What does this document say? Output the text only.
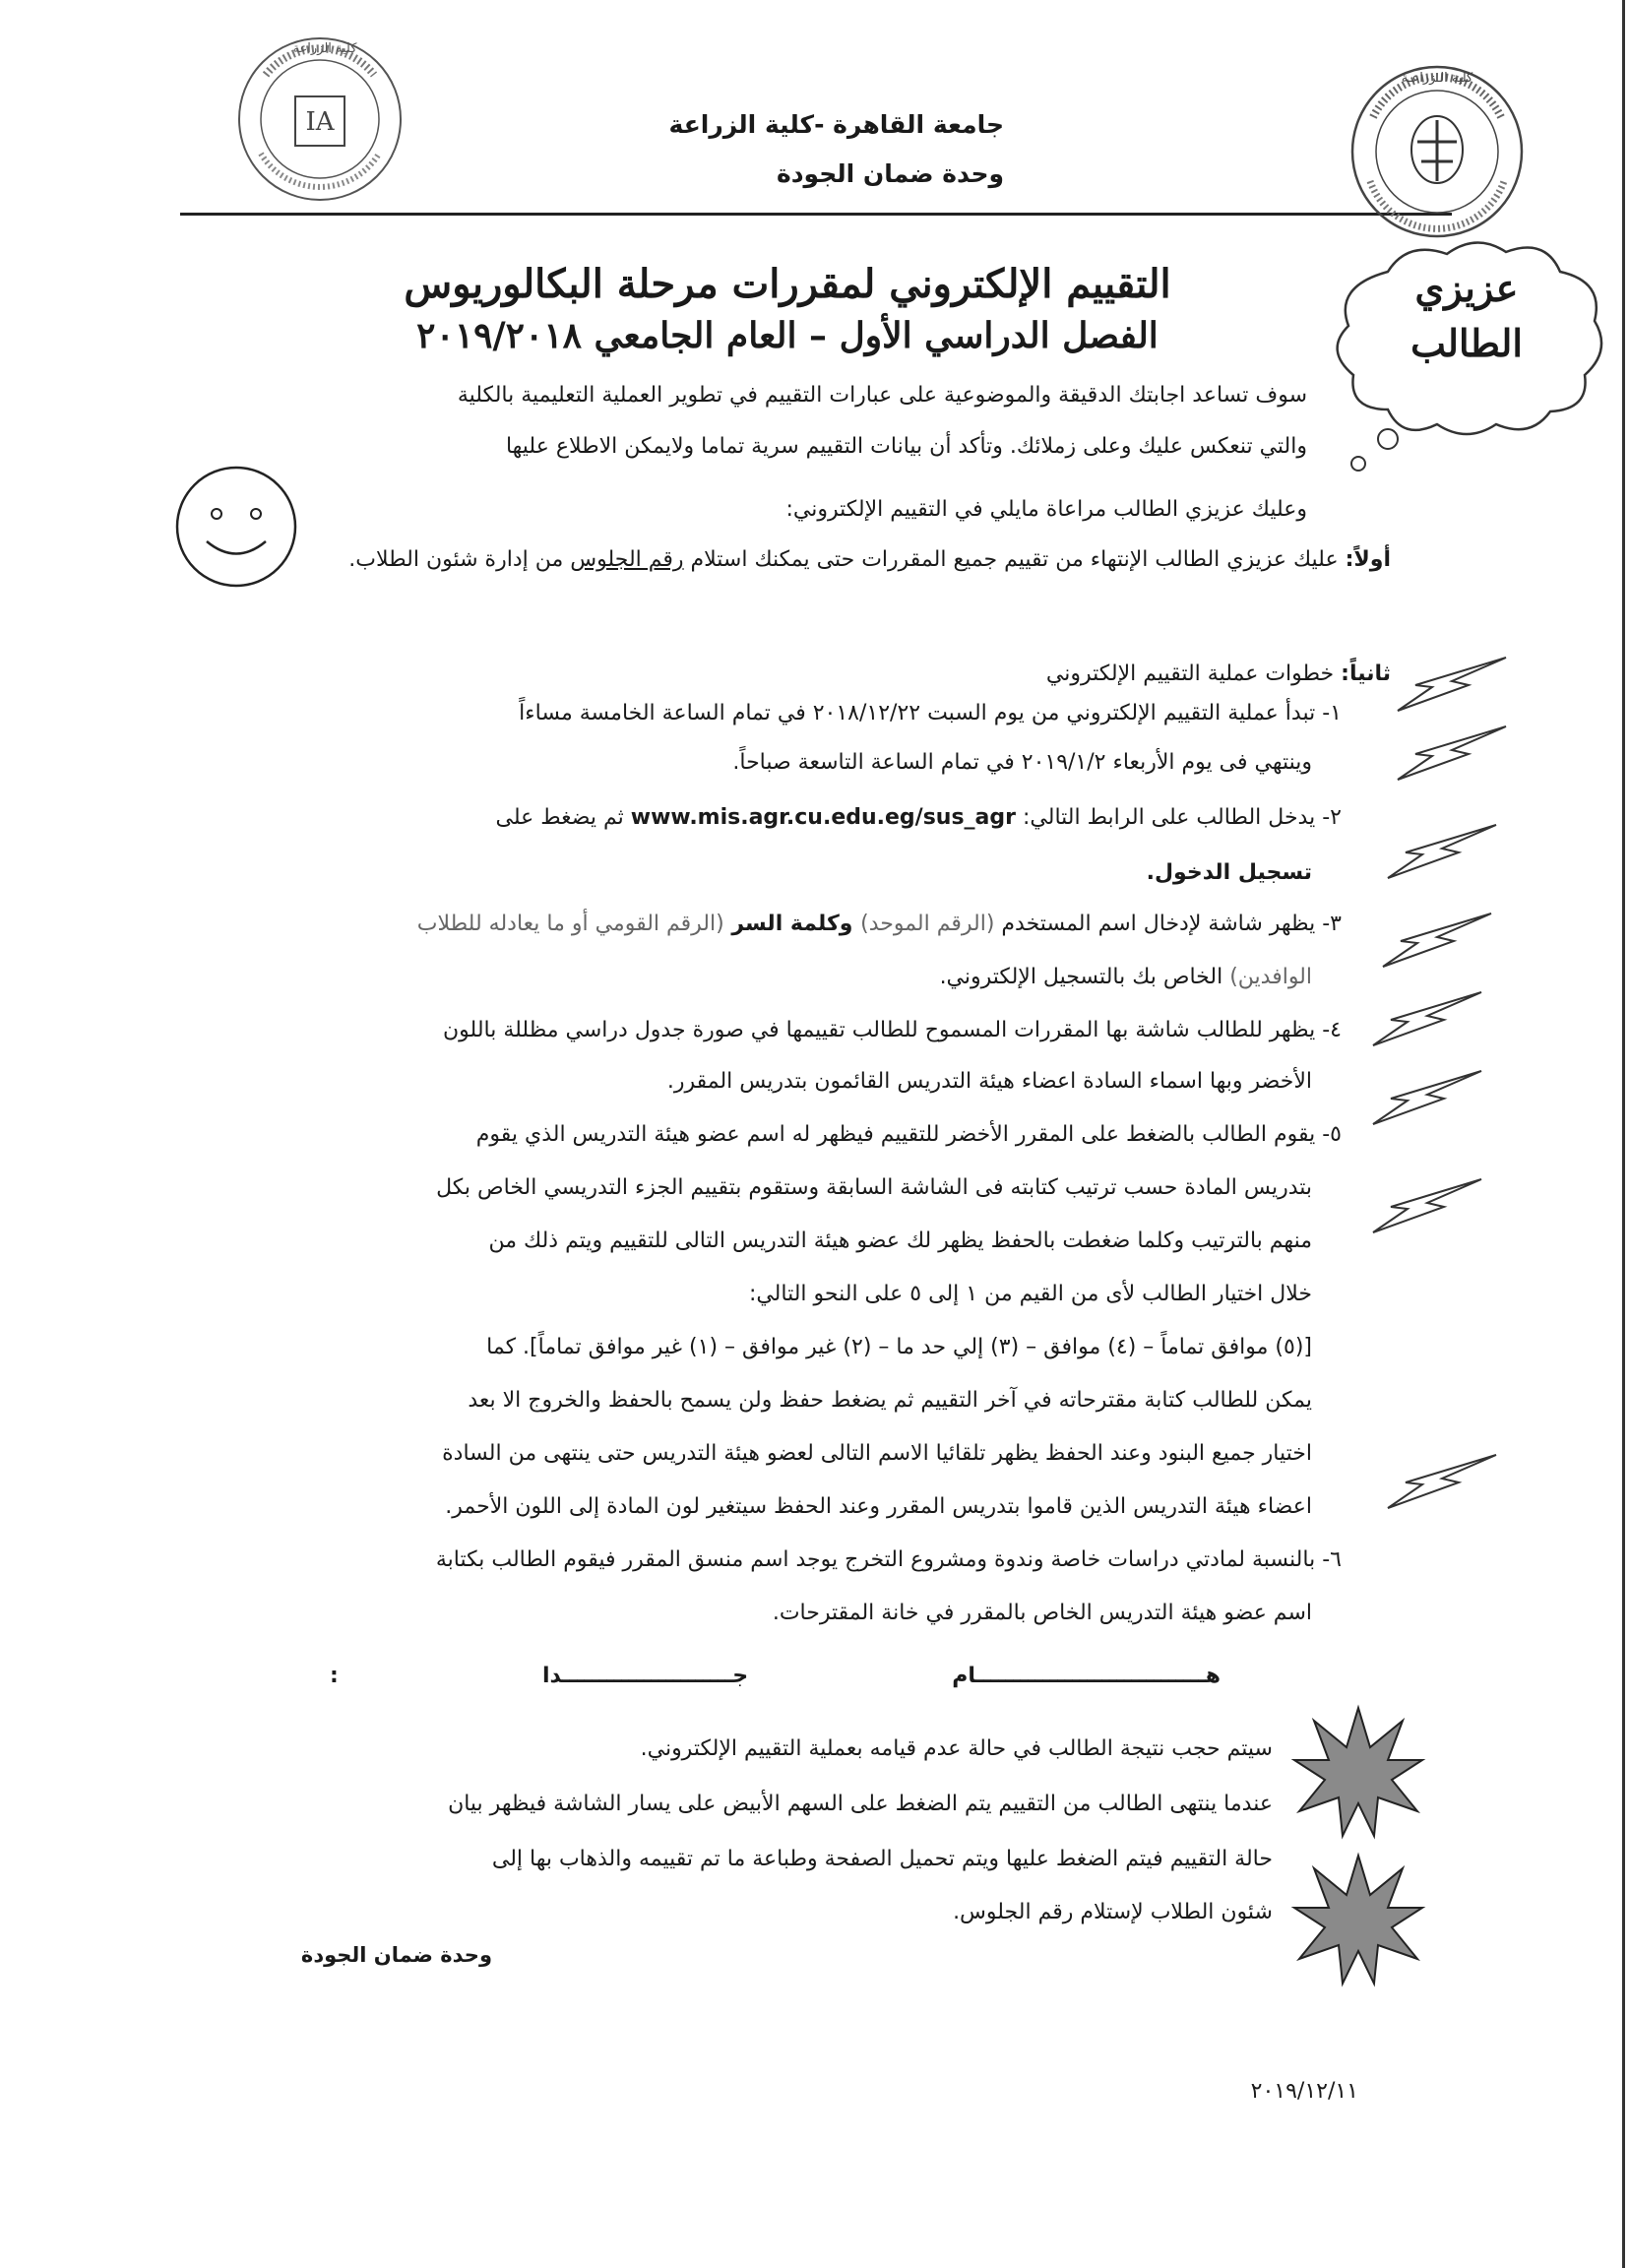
IA
كلية الزراعة
كلية الـزراعـة
جامعة القاهرة -كلية الزراعة
وحدة ضمان الجودة
عزيزي
الطالب
التقييم الإلكتروني لمقررات مرحلة البكالوريوس
الفصل الدراسي الأول – العام الجامعي ٢٠١٩/٢٠١٨
سوف تساعد اجابتك الدقيقة والموضوعية على عبارات التقييم في تطوير العملية التعليمية بالكلية
والتي تنعكس عليك وعلى زملائك. وتأكد أن بيانات التقييم سرية تماما ولايمكن الاطلاع عليها
وعليك عزيزي الطالب مراعاة مايلي في التقييم الإلكتروني:
أولاً: عليك عزيزي الطالب الإنتهاء من تقييم جميع المقررات حتى يمكنك استلام رقم الجلوس من إدارة شئون الطلاب.
ثانياً: خطوات عملية التقييم الإلكتروني
١- تبدأ عملية التقييم الإلكتروني من يوم السبت ٢٠١٨/١٢/٢٢ في تمام الساعة الخامسة مساءاً
وينتهي فى يوم الأربعاء ٢٠١٩/١/٢ في تمام الساعة التاسعة صباحاً.
٢- يدخل الطالب على الرابط التالي: www.mis.agr.cu.edu.eg/sus_agr ثم يضغط على
تسجيل الدخول.
٣- يظهر شاشة لإدخال اسم المستخدم (الرقم الموحد) وكلمة السر (الرقم القومي أو ما يعادله للطلاب
الوافدين) الخاص بك بالتسجيل الإلكتروني.
٤- يظهر للطالب شاشة بها المقررات المسموح للطالب تقييمها في صورة جدول دراسي مظللة باللون
الأخضر وبها اسماء السادة اعضاء هيئة التدريس القائمون بتدريس المقرر.
٥- يقوم الطالب بالضغط على المقرر الأخضر للتقييم فيظهر له اسم عضو هيئة التدريس الذي يقوم
بتدريس المادة حسب ترتيب كتابته فى الشاشة السابقة وستقوم بتقييم الجزء التدريسي الخاص بكل
منهم بالترتيب وكلما ضغطت بالحفظ يظهر لك عضو هيئة التدريس التالى للتقييم ويتم ذلك من
خلال اختيار الطالب لأى من القيم من ١ إلى ٥ على النحو التالي:
[(٥) موافق تماماً – (٤) موافق – (٣) إلي حد ما – (٢) غير موافق – (١) غير موافق تماماً]. كما
يمكن للطالب كتابة مقترحاته في آخر التقييم ثم يضغط حفظ ولن يسمح بالحفظ والخروج الا بعد
اختيار جميع البنود وعند الحفظ يظهر تلقائيا الاسم التالى لعضو هيئة التدريس حتى ينتهى من السادة
اعضاء هيئة التدريس الذين قاموا بتدريس المقرر وعند الحفظ سيتغير لون المادة إلى اللون الأحمر.
٦- بالنسبة لمادتي دراسات خاصة وندوة ومشروع التخرج يوجد اسم منسق المقرر فيقوم الطالب بكتابة
اسم عضو هيئة التدريس الخاص بالمقرر في خانة المقترحات.
هـــــــــــــــــــــــــــــــام جـــــــــــــــــــــــدا :
سيتم حجب نتيجة الطالب في حالة عدم قيامه بعملية التقييم الإلكتروني.
عندما ينتهى الطالب من التقييم يتم الضغط على السهم الأبيض على يسار الشاشة فيظهر بيان
حالة التقييم فيتم الضغط عليها ويتم تحميل الصفحة وطباعة ما تم تقييمه والذهاب بها إلى
شئون الطلاب لإستلام رقم الجلوس.
وحدة ضمان الجودة
٢٠١٩/١٢/١١
